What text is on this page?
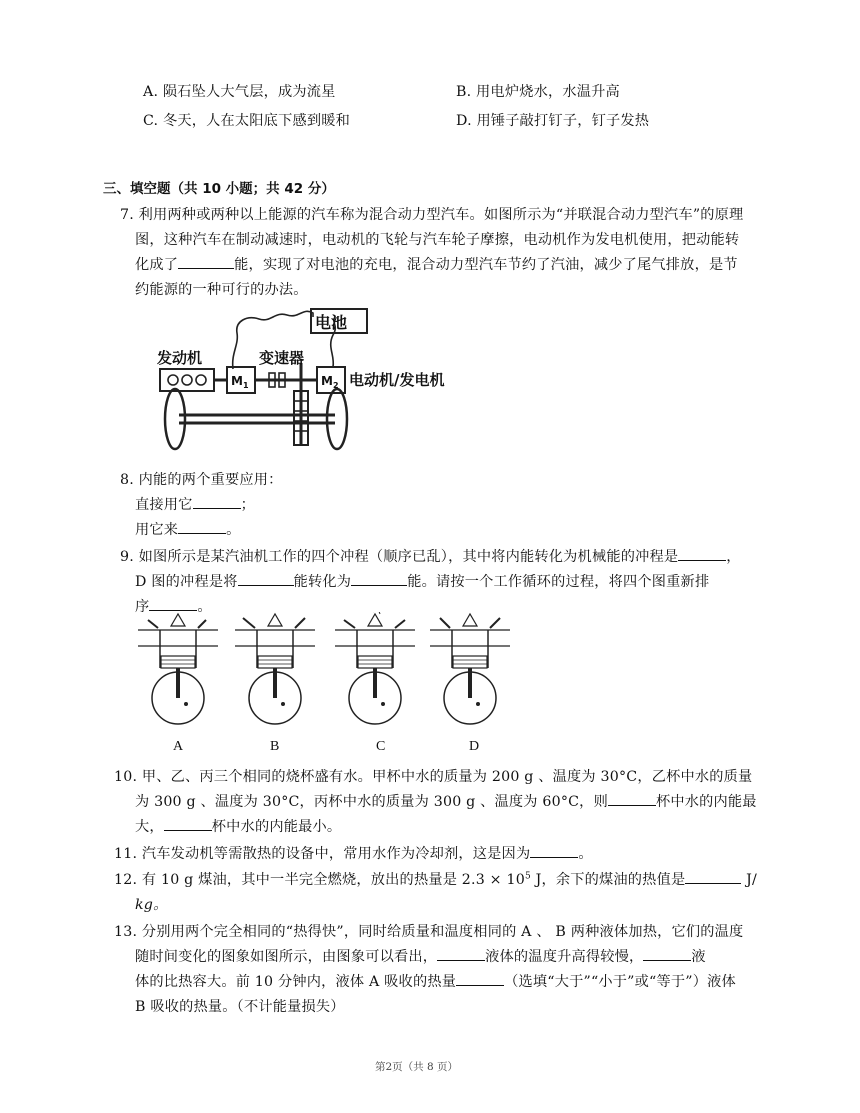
A. 陨石坠人大气层，成为流星	B. 用电炉烧水，水温升高
C. 冬天，人在太阳底下感到暖和	D. 用锤子敲打钉子，钉子发热
三、填空题（共 10 小题；共 42 分）
7. 利用两种或两种以上能源的汽车称为混合动力型汽车。如图所示为“并联混合动力型汽车”的原理
图，这种汽车在制动减速时，电动机的飞轮与汽车轮子摩擦，电动机作为发电机使用，把动能转
化成了	能，实现了对电池的充电，混合动力型汽车节约了汽油，减少了尾气排放，是节
约能源的一种可行的办法。
电池
发动机	变速器
电动机/发电机
$M_1$	$M_2$
8. 内能的两个重要应用：
直接用它	；
用它来	。
9. 如图所示是某汽油机工作的四个冲程（顺序已乱），其中将内能转化为机械能的冲程是	，
D 图的冲程是将	能转化为	能。请按一个工作循环的过程，将四个图重新排
序	。
A	B	C	D
10. 甲、乙、丙三个相同的烧杯盛有水。甲杯中水的质量为 200 g 、温度为 30°C，乙杯中水的质量
为 300 g 、温度为 30°C，丙杯中水的质量为 300 g 、温度为 60°C，则	杯中水的内能最
大，	杯中水的内能最小。
11. 汽车发动机等需散热的设备中，常用水作为冷却剂，这是因为	。
12. 有 10 g 煤油，其中一半完全燃烧，放出的热量是 $2.3 \times 10^5$ J，余下的煤油的热值是	J/
kg。
13. 分别用两个完全相同的“热得快”，同时给质量和温度相同的 A 、 B 两种液体加热，它们的温度
随时间变化的图象如图所示，由图象可以看出，	液体的温度升高得较慢，	液
体的比热容大。前 10 分钟内，液体 A 吸收的热量	（选填“大于”“小于”或“等于”）液体
B 吸收的热量。（不计能量损失）
第2页（共 8 页）
